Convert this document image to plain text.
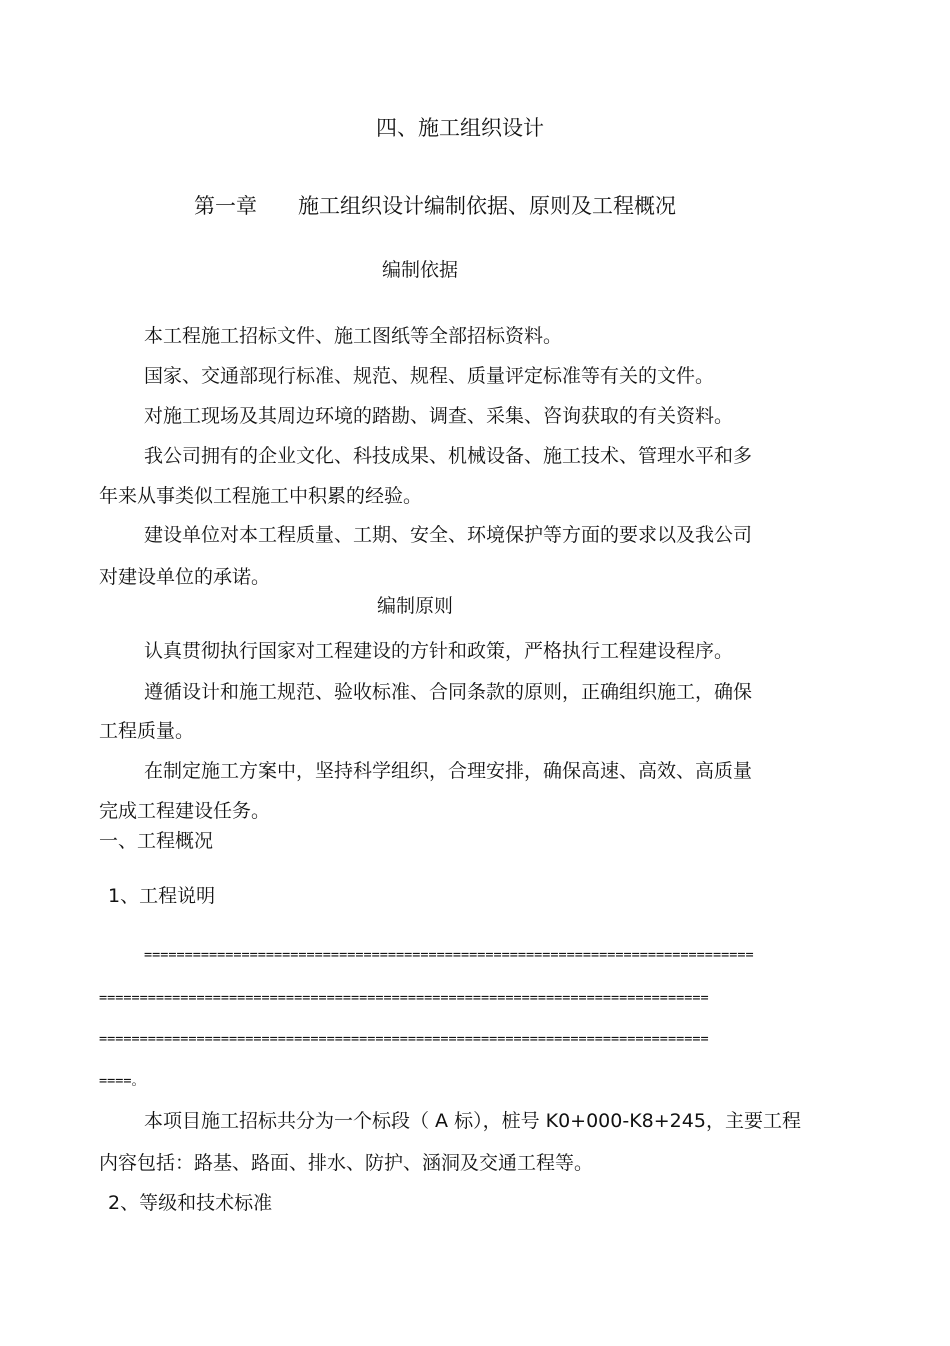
四、施工组织设计
第一章 施工组织设计编制依据、原则及工程概况
编制依据
本工程施工招标文件、施工图纸等全部招标资料。
国家、交通部现行标准、规范、规程、质量评定标准等有关的文件。
对施工现场及其周边环境的踏勘、调查、采集、咨询获取的有关资料。
我公司拥有的企业文化、科技成果、机械设备、施工技术、管理水平和多
年来从事类似工程施工中积累的经验。
建设单位对本工程质量、工期、安全、环境保护等方面的要求以及我公司
对建设单位的承诺。
编制原则
认真贯彻执行国家对工程建设的方针和政策，严格执行工程建设程序。
遵循设计和施工规范、验收标准、合同条款的原则，正确组织施工，确保
工程质量。
在制定施工方案中，坚持科学组织，合理安排，确保高速、高效、高质量
完成工程建设任务。
一、工程概况
1、工程说明
===========================================================================
===========================================================================
===========================================================================
====。
本项目施工招标共分为一个标段（ A 标），桩号 K0+000-K8+245，主要工程
内容包括：路基、路面、排水、防护、涵洞及交通工程等。
2、等级和技术标准
